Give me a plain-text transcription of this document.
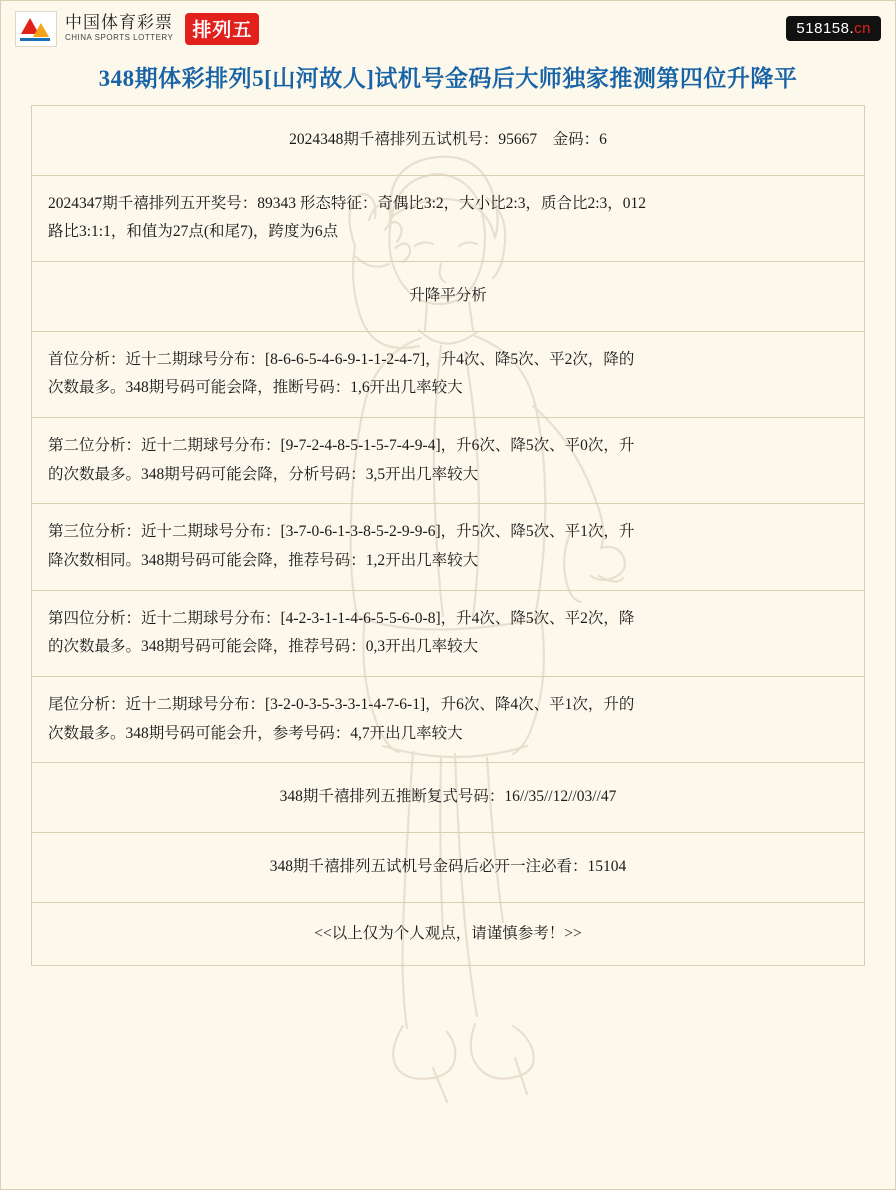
中国体育彩票
CHINA SPORTS LOTTERY	排列五	518158.cn
348期体彩排列5[山河故人]试机号金码后大师独家推测第四位升降平
2024348期千禧排列五试机号：95667　金码：6
2024347期千禧排列五开奖号：89343 形态特征：奇偶比3:2，大小比2:3，质合比2:3，012
路比3:1:1，和值为27点(和尾7)，跨度为6点
升降平分析
首位分析：近十二期球号分布：[8-6-6-5-4-6-9-1-1-2-4-7]，升4次、降5次、平2次，降的
次数最多。348期号码可能会降，推断号码：1,6开出几率较大
第二位分析：近十二期球号分布：[9-7-2-4-8-5-1-5-7-4-9-4]，升6次、降5次、平0次，升
的次数最多。348期号码可能会降，分析号码：3,5开出几率较大
第三位分析：近十二期球号分布：[3-7-0-6-1-3-8-5-2-9-9-6]，升5次、降5次、平1次，升
降次数相同。348期号码可能会降，推荐号码：1,2开出几率较大
第四位分析：近十二期球号分布：[4-2-3-1-1-4-6-5-5-6-0-8]，升4次、降5次、平2次，降
的次数最多。348期号码可能会降，推荐号码：0,3开出几率较大
尾位分析：近十二期球号分布：[3-2-0-3-5-3-3-1-4-7-6-1]，升6次、降4次、平1次，升的
次数最多。348期号码可能会升，参考号码：4,7开出几率较大
348期千禧排列五推断复式号码：16//35//12//03//47
348期千禧排列五试机号金码后必开一注必看：15104
<<以上仅为个人观点，请谨慎参考！>>
